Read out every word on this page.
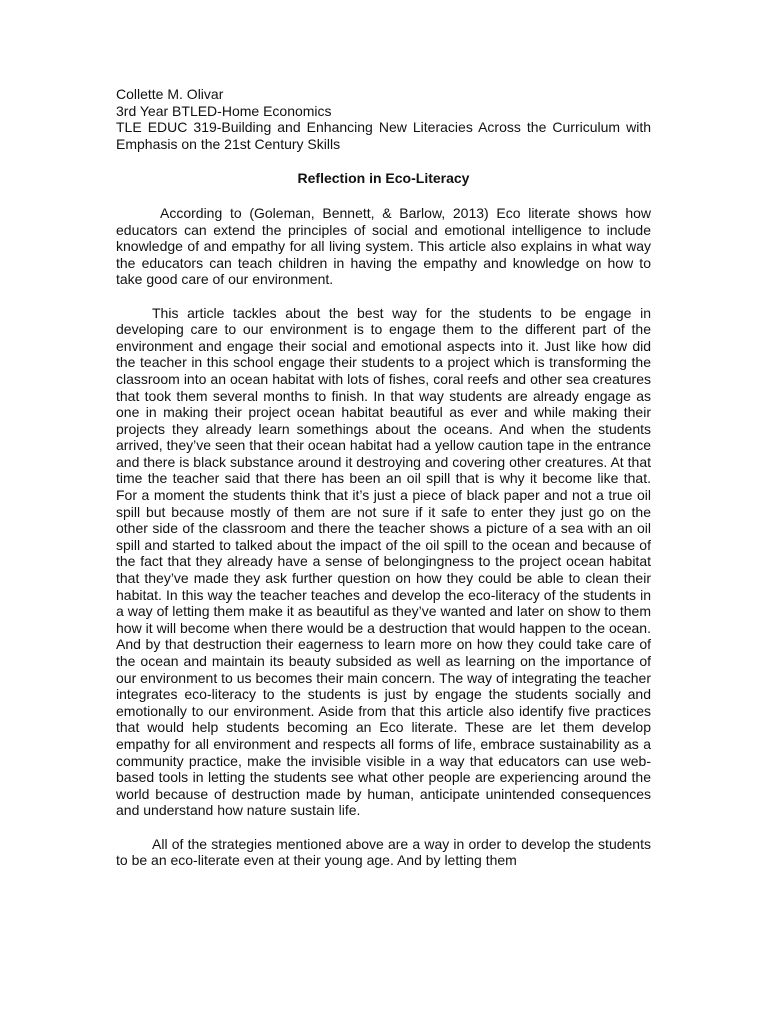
Collette M. Olivar

3rd Year BTLED-Home Economics

TLE EDUC 319-Building and Enhancing New Literacies Across the Curriculum with Emphasis on the 21st Century Skills

Reflection in Eco-Literacy

According to (Goleman, Bennett, & Barlow, 2013) Eco literate shows how educators can extend the principles of social and emotional intelligence to include knowledge of and empathy for all living system. This article also explains in what way the educators can teach children in having the empathy and knowledge on how to take good care of our environment.

This article tackles about the best way for the students to be engage in developing care to our environment is to engage them to the different part of the environment and engage their social and emotional aspects into it. Just like how did the teacher in this school engage their students to a project which is transforming the classroom into an ocean habitat with lots of fishes, coral reefs and other sea creatures that took them several months to finish. In that way students are already engage as one in making their project ocean habitat beautiful as ever and while making their projects they already learn somethings about the oceans. And when the students arrived, they’ve seen that their ocean habitat had a yellow caution tape in the entrance and there is black substance around it destroying and covering other creatures. At that time the teacher said that there has been an oil spill that is why it become like that. For a moment the students think that it’s just a piece of black paper and not a true oil spill but because mostly of them are not sure if it safe to enter they just go on the other side of the classroom and there the teacher shows a picture of a sea with an oil spill and started to talked about the impact of the oil spill to the ocean and because of the fact that they already have a sense of belongingness to the project ocean habitat that they’ve made they ask further question on how they could be able to clean their habitat. In this way the teacher teaches and develop the eco-literacy of the students in a way of letting them make it as beautiful as they’ve wanted and later on show to them how it will become when there would be a destruction that would happen to the ocean. And by that destruction their eagerness to learn more on how they could take care of the ocean and maintain its beauty subsided as well as learning on the importance of our environment to us becomes their main concern. The way of integrating the teacher integrates eco-literacy to the students is just by engage the students socially and emotionally to our environment. Aside from that this article also identify five practices that would help students becoming an Eco literate. These are let them develop empathy for all environment and respects all forms of life, embrace sustainability as a community practice, make the invisible visible in a way that educators can use web-based tools in letting the students see what other people are experiencing around the world because of destruction made by human, anticipate unintended consequences and understand how nature sustain life.

All of the strategies mentioned above are a way in order to develop the students to be an eco-literate even at their young age. And by letting them
